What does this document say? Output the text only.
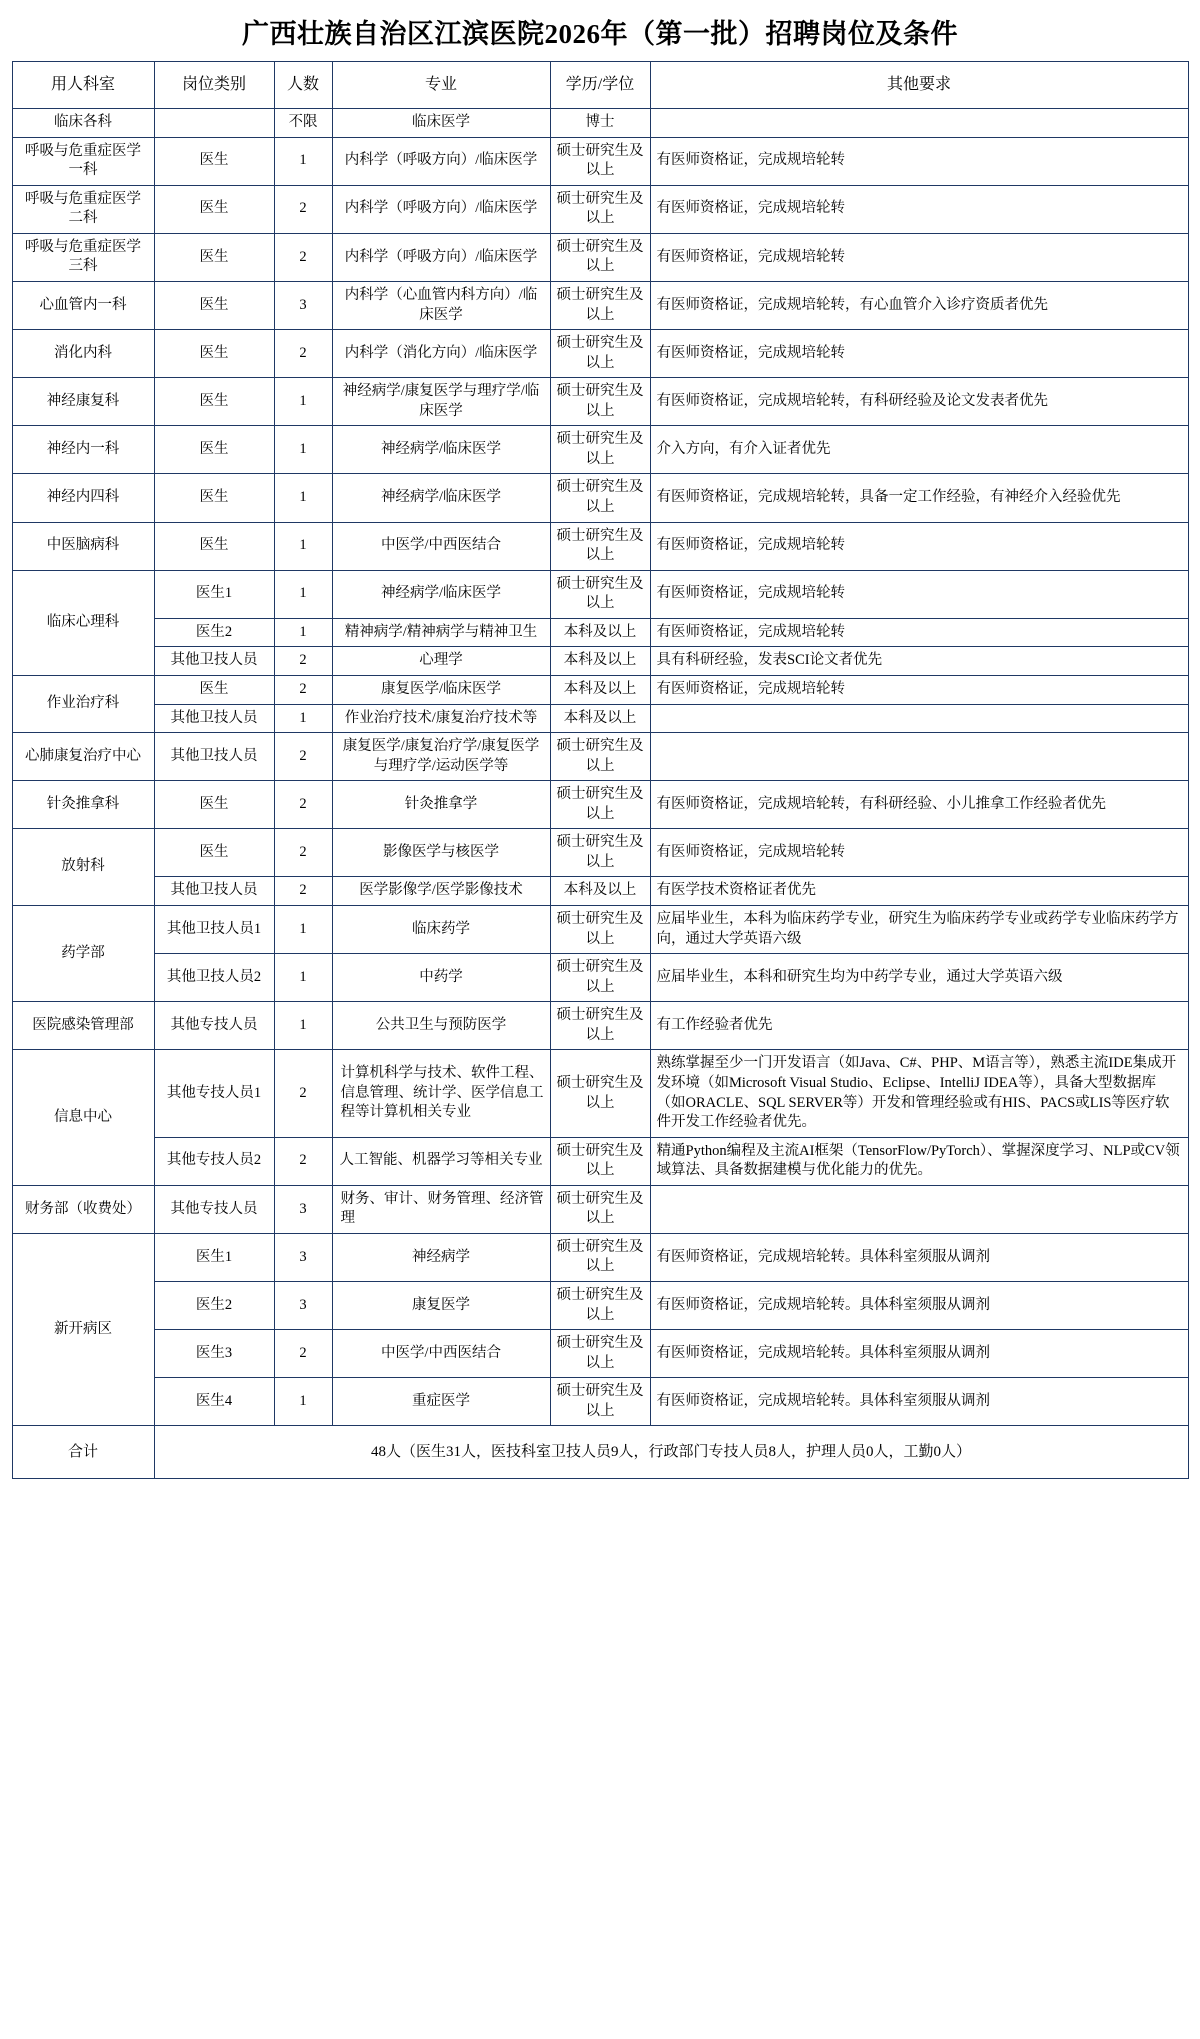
广西壮族自治区江滨医院2026年（第一批）招聘岗位及条件
用人科室	岗位类别	人数	专业	学历/学位	其他要求
临床各科		不限	临床医学	博士	
呼吸与危重症医学一科	医生	1	内科学（呼吸方向）/临床医学	硕士研究生及以上	有医师资格证，完成规培轮转
呼吸与危重症医学二科	医生	2	内科学（呼吸方向）/临床医学	硕士研究生及以上	有医师资格证，完成规培轮转
呼吸与危重症医学三科	医生	2	内科学（呼吸方向）/临床医学	硕士研究生及以上	有医师资格证，完成规培轮转
心血管内一科	医生	3	内科学（心血管内科方向）/临床医学	硕士研究生及以上	有医师资格证，完成规培轮转，有心血管介入诊疗资质者优先
消化内科	医生	2	内科学（消化方向）/临床医学	硕士研究生及以上	有医师资格证，完成规培轮转
神经康复科	医生	1	神经病学/康复医学与理疗学/临床医学	硕士研究生及以上	有医师资格证，完成规培轮转，有科研经验及论文发表者优先
神经内一科	医生	1	神经病学/临床医学	硕士研究生及以上	介入方向，有介入证者优先
神经内四科	医生	1	神经病学/临床医学	硕士研究生及以上	有医师资格证，完成规培轮转，具备一定工作经验，有神经介入经验优先
中医脑病科	医生	1	中医学/中西医结合	硕士研究生及以上	有医师资格证，完成规培轮转
临床心理科	医生1	1	神经病学/临床医学	硕士研究生及以上	有医师资格证，完成规培轮转
	医生2	1	精神病学/精神病学与精神卫生	本科及以上	有医师资格证，完成规培轮转
	其他卫技人员	2	心理学	本科及以上	具有科研经验，发表SCI论文者优先
作业治疗科	医生	2	康复医学/临床医学	本科及以上	有医师资格证，完成规培轮转
	其他卫技人员	1	作业治疗技术/康复治疗技术等	本科及以上	
心肺康复治疗中心	其他卫技人员	2	康复医学/康复治疗学/康复医学与理疗学/运动医学等	硕士研究生及以上	
针灸推拿科	医生	2	针灸推拿学	硕士研究生及以上	有医师资格证，完成规培轮转，有科研经验、小儿推拿工作经验者优先
放射科	医生	2	影像医学与核医学	硕士研究生及以上	有医师资格证，完成规培轮转
	其他卫技人员	2	医学影像学/医学影像技术	本科及以上	有医学技术资格证者优先
药学部	其他卫技人员1	1	临床药学	硕士研究生及以上	应届毕业生，本科为临床药学专业，研究生为临床药学专业或药学专业临床药学方向，通过大学英语六级
	其他卫技人员2	1	中药学	硕士研究生及以上	应届毕业生，本科和研究生均为中药学专业，通过大学英语六级
医院感染管理部	其他专技人员	1	公共卫生与预防医学	硕士研究生及以上	有工作经验者优先
信息中心	其他专技人员1	2	计算机科学与技术、软件工程、信息管理、统计学、医学信息工程等计算机相关专业	硕士研究生及以上	熟练掌握至少一门开发语言（如Java、C#、PHP、M语言等），熟悉主流IDE集成开发环境（如Microsoft Visual Studio、Eclipse、IntelliJ IDEA等），具备大型数据库（如ORACLE、SQL SERVER等）开发和管理经验或有HIS、PACS或LIS等医疗软件开发工作经验者优先。
	其他专技人员2	2	人工智能、机器学习等相关专业	硕士研究生及以上	精通Python编程及主流AI框架（TensorFlow/PyTorch）、掌握深度学习、NLP或CV领域算法、具备数据建模与优化能力的优先。
财务部（收费处）	其他专技人员	3	财务、审计、财务管理、经济管理	硕士研究生及以上	
新开病区	医生1	3	神经病学	硕士研究生及以上	有医师资格证，完成规培轮转。具体科室须服从调剂
	医生2	3	康复医学	硕士研究生及以上	有医师资格证，完成规培轮转。具体科室须服从调剂
	医生3	2	中医学/中西医结合	硕士研究生及以上	有医师资格证，完成规培轮转。具体科室须服从调剂
	医生4	1	重症医学	硕士研究生及以上	有医师资格证，完成规培轮转。具体科室须服从调剂
合计	48人（医生31人，医技科室卫技人员9人，行政部门专技人员8人，护理人员0人，工勤0人）				
